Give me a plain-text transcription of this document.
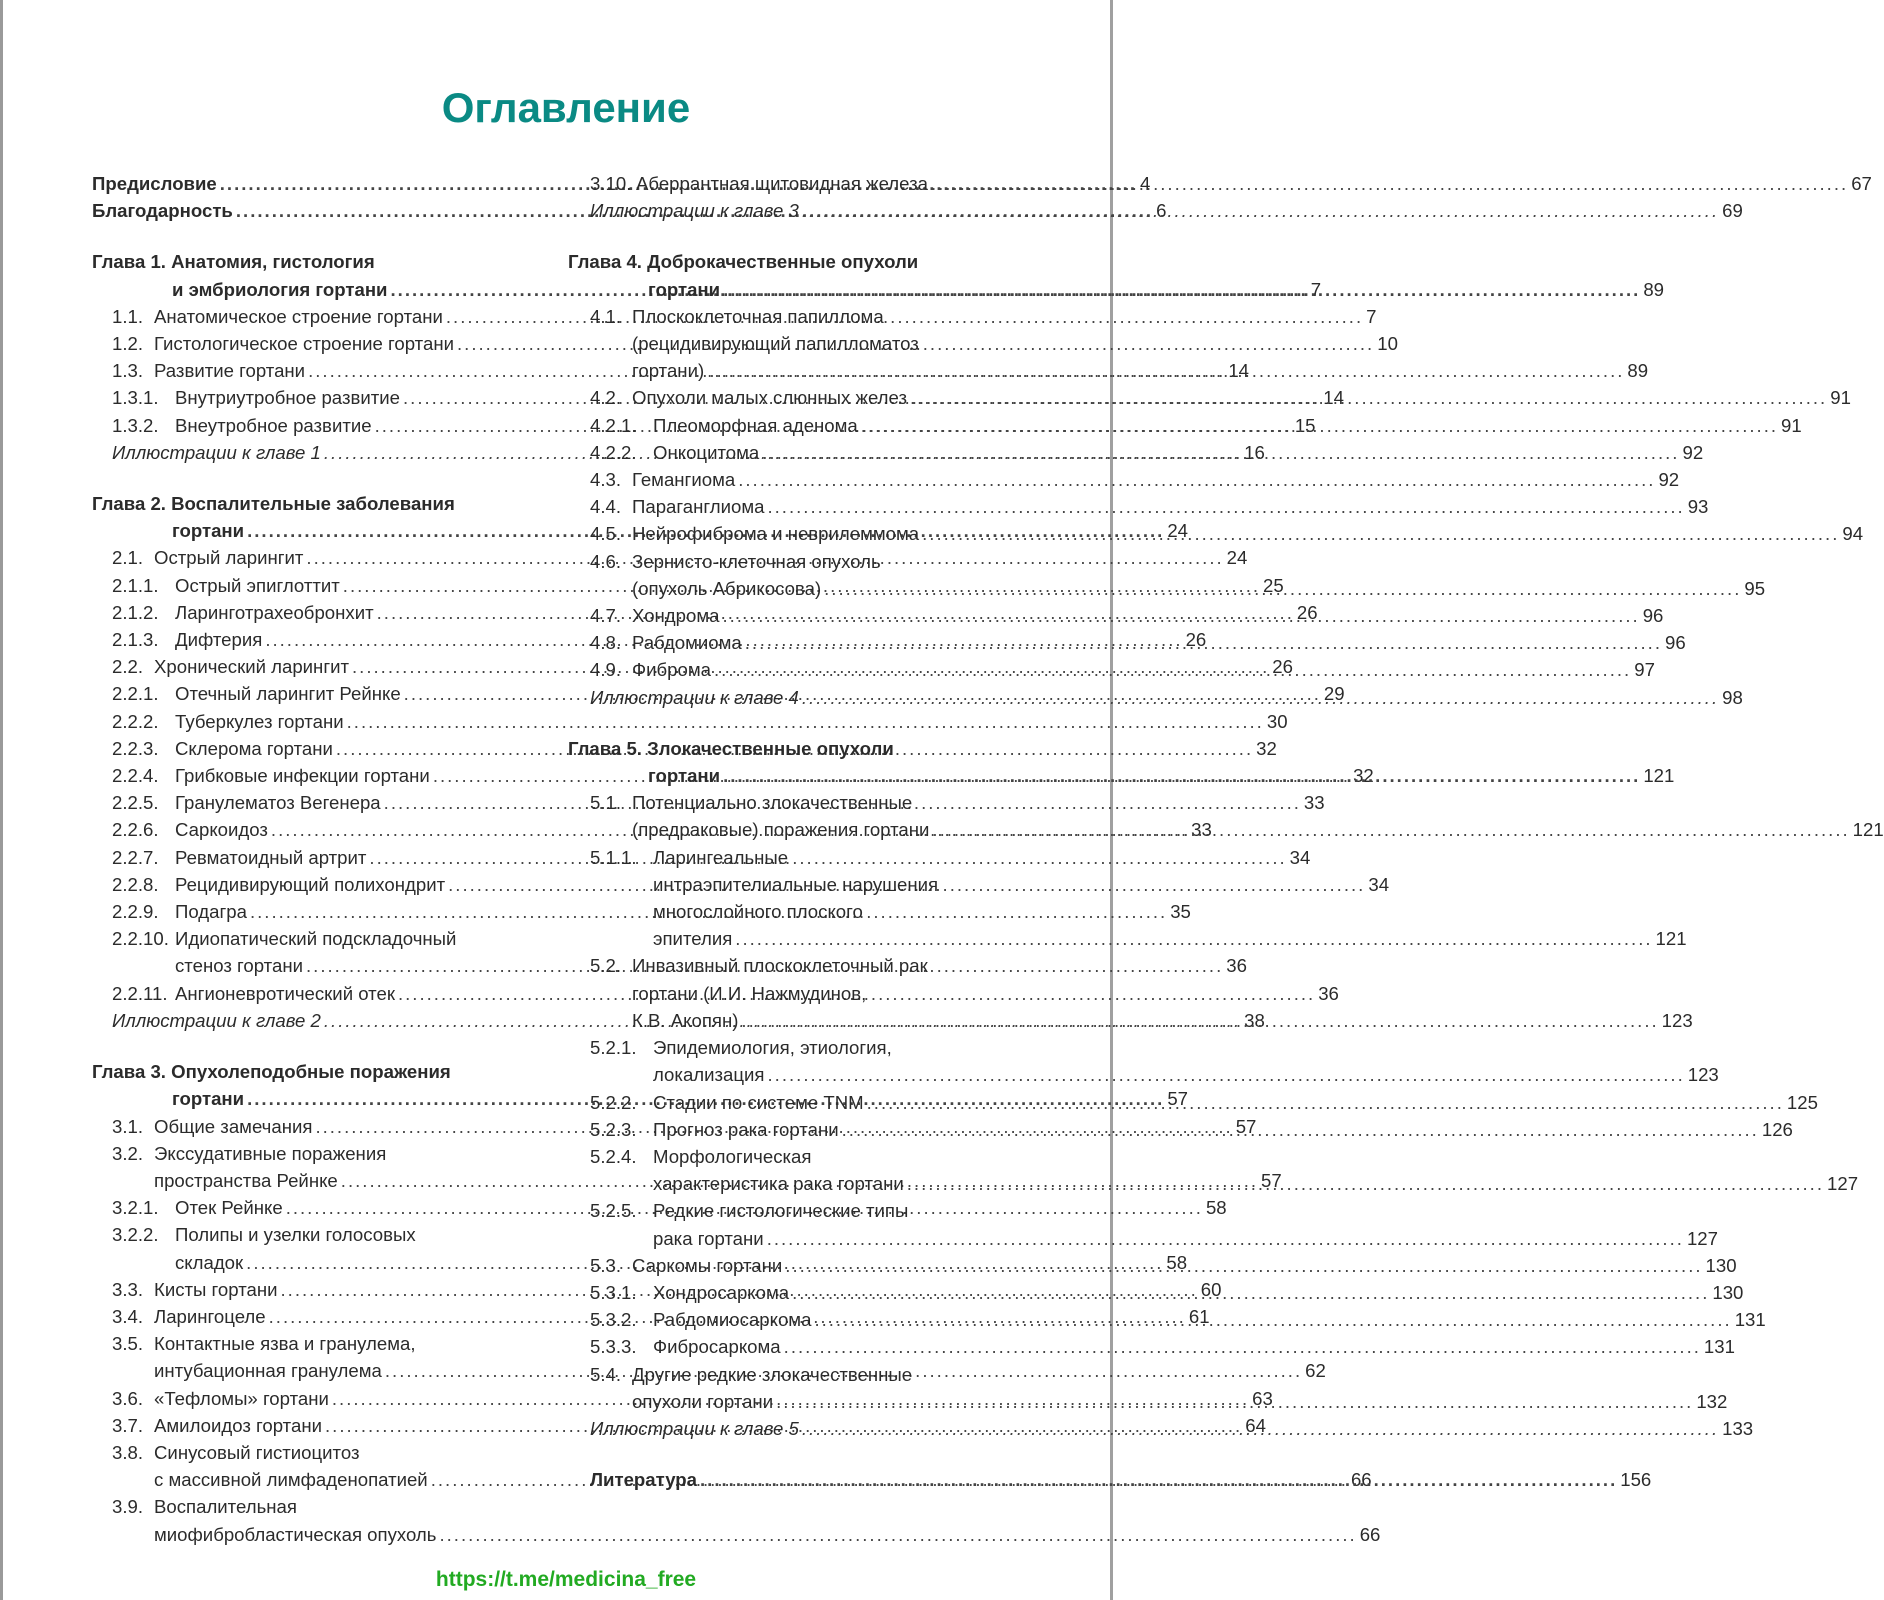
Оглавление
Предисловие .....	4
Благодарность .....	6
Глава 1. Анатомия, гистология
и эмбриология гортани .....	7
1.1. Анатомическое строение гортани .....	7
1.2. Гистологическое строение гортани .....	10
1.3. Развитие гортани .....	14
1.3.1. Внутриутробное развитие .....	14
1.3.2. Внеутробное развитие .....	15
Иллюстрации к главе 1 .....	16
Глава 2. Воспалительные заболевания
гортани .....	24
2.1. Острый ларингит .....	24
2.1.1. Острый эпиглоттит .....	25
2.1.2. Ларинготрахеобронхит .....	26
2.1.3. Дифтерия .....	26
2.2. Хронический ларингит .....	26
2.2.1. Отечный ларингит Рейнке .....	29
2.2.2. Туберкулез гортани .....	30
2.2.3. Склерома гортани .....	32
2.2.4. Грибковые инфекции гортани .....	32
2.2.5. Гранулематоз Вегенера .....	33
2.2.6. Саркоидоз .....	33
2.2.7. Ревматоидный артрит .....	34
2.2.8. Рецидивирующий полихондрит .....	34
2.2.9. Подагра .....	35
2.2.10. Идиопатический подскладочный
стеноз гортани .....	36
2.2.11. Ангионевротический отек .....	36
Иллюстрации к главе 2 .....	38
Глава 3. Опухолеподобные поражения
гортани .....	57
3.1. Общие замечания .....	57
3.2. Экссудативные поражения
пространства Рейнке .....	57
3.2.1. Отек Рейнке .....	58
3.2.2. Полипы и узелки голосовых
складок .....	58
3.3. Кисты гортани .....	60
3.4. Ларингоцеле .....	61
3.5. Контактные язва и гранулема,
интубационная гранулема .....	62
3.6. «Тефломы» гортани .....	63
3.7. Амилоидоз гортани .....	64
3.8. Синусовый гистиоцитоз
с массивной лимфаденопатией .....	66
3.9. Воспалительная
миофибробластическая опухоль .....	66
3.10. Аберрантная щитовидная железа .....	67
Иллюстрации к главе 3 .....	69
Глава 4. Доброкачественные опухоли
гортани .....	89
4.1. Плоскоклеточная папиллома
(рецидивирующий папилломатоз
гортани) .....	89
4.2. Опухоли малых слюнных желез .....	91
4.2.1. Плеоморфная аденома .....	91
4.2.2. Онкоцитома .....	92
4.3. Гемангиома .....	92
4.4. Параганглиома .....	93
4.5. Нейрофиброма и неврилеммома .....	94
4.6. Зернисто-клеточная опухоль
(опухоль Абрикосова) .....	95
4.7. Хондрома .....	96
4.8. Рабдомиома .....	96
4.9. Фиброма .....	97
Иллюстрации к главе 4 .....	98
Глава 5. Злокачественные опухоли
гортани .....	121
5.1. Потенциально злокачественные
(предраковые) поражения гортани .....	121
5.1.1. Ларингеальные
интраэпителиальные нарушения
многослойного плоского
эпителия .....	121
5.2. Инвазивный плоскоклеточный рак
гортани (И.И. Нажмудинов,
К.В. Акопян) .....	123
5.2.1. Эпидемиология, этиология,
локализация .....	123
5.2.2. Стадии по системе TNM .....	125
5.2.3. Прогноз рака гортани .....	126
5.2.4. Морфологическая
характеристика рака гортани .....	127
5.2.5. Редкие гистологические типы
рака гортани .....	127
5.3. Саркомы гортани .....	130
5.3.1. Хондросаркома .....	130
5.3.2. Рабдомиосаркома .....	131
5.3.3. Фибросаркома .....	131
5.4. Другие редкие злокачественные
опухоли гортани .....	132
Иллюстрации к главе 5 .....	133
Литература .....	156
https://t.me/medicina_free
